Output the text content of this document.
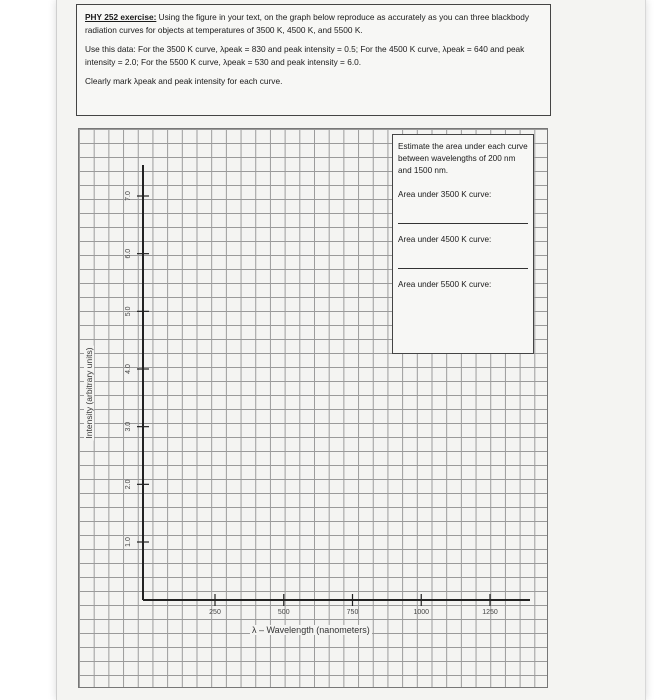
PHY 252 exercise: Using the figure in your text, on the graph below reproduce as accurately as you can three blackbody radiation curves for objects at temperatures of 3500 K, 4500 K, and 5500 K.

Use this data: For the 3500 K curve, λpeak = 830 and peak intensity = 0.5; For the 4500 K curve, λpeak = 640 and peak intensity = 2.0; For the 5500 K curve, λpeak = 530 and peak intensity = 6.0.

Clearly mark λpeak and peak intensity for each curve.

250	500	750	1000	1250
1.0
2.0
3.0
4.0
5.0
6.0
7.0

Estimate the area under each curve between wavelengths of 200 nm and 1500 nm.

Area under 3500 K curve:

Area under 4500 K curve:

Area under 5500 K curve:

Intensity (arbitrary units)
λ – Wavelength (nanometers)
